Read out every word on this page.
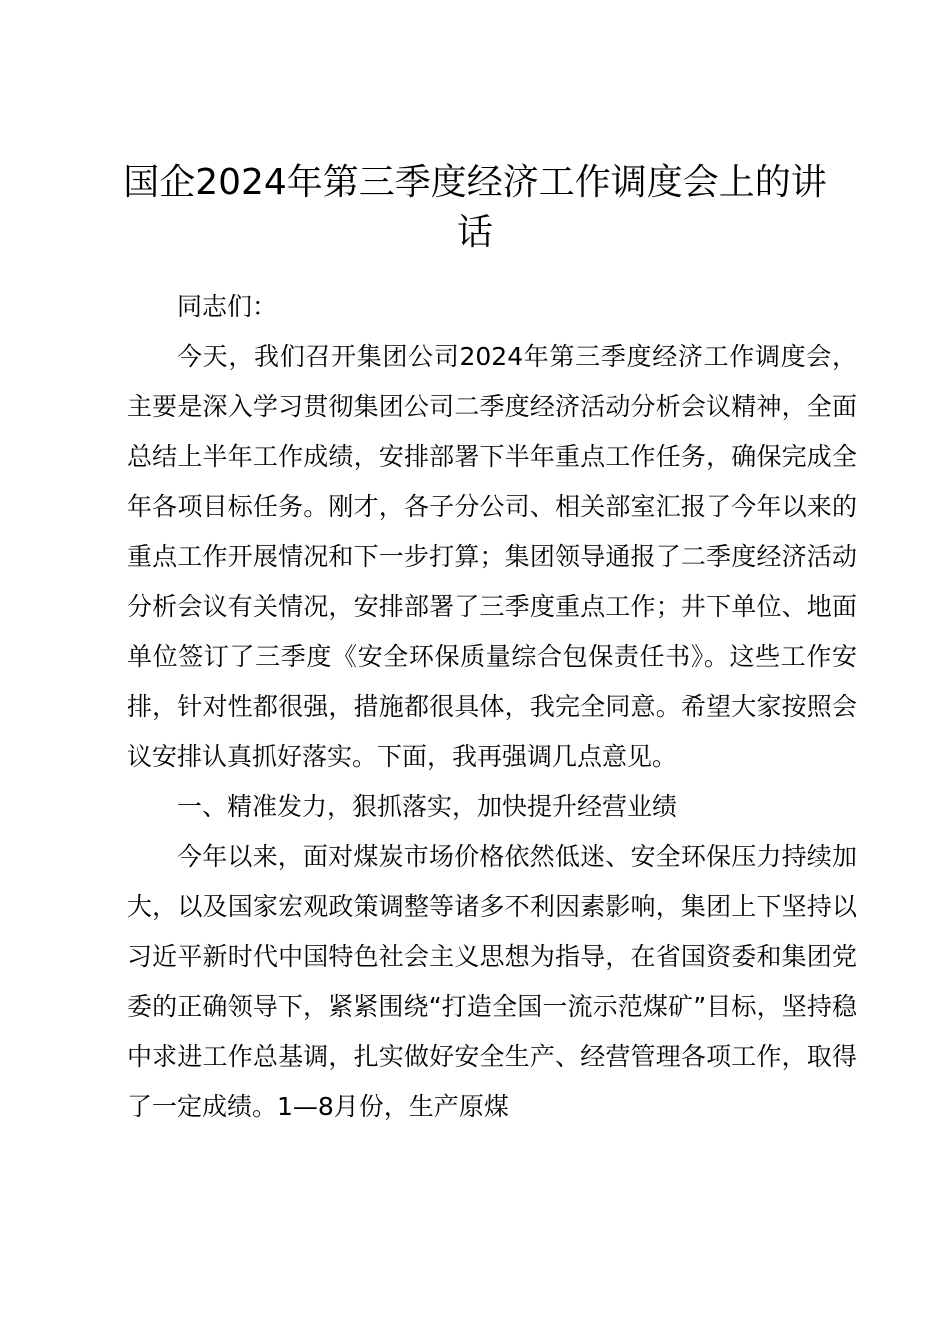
国企2024年第三季度经济工作调度会上的讲话

同志们：

今天，我们召开集团公司2024年第三季度经济工作调度会，主要是深入学习贯彻集团公司二季度经济活动分析会议精神，全面总结上半年工作成绩，安排部署下半年重点工作任务，确保完成全年各项目标任务。刚才，各子分公司、相关部室汇报了今年以来的重点工作开展情况和下一步打算；集团领导通报了二季度经济活动分析会议有关情况，安排部署了三季度重点工作；井下单位、地面单位签订了三季度《安全环保质量综合包保责任书》。这些工作安排，针对性都很强，措施都很具体，我完全同意。希望大家按照会议安排认真抓好落实。下面，我再强调几点意见。

一、精准发力，狠抓落实，加快提升经营业绩

今年以来，面对煤炭市场价格依然低迷、安全环保压力持续加大，以及国家宏观政策调整等诸多不利因素影响，集团上下坚持以习近平新时代中国特色社会主义思想为指导，在省国资委和集团党委的正确领导下，紧紧围绕“打造全国一流示范煤矿”目标，坚持稳中求进工作总基调，扎实做好安全生产、经营管理各项工作，取得了一定成绩。1—8月份，生产原煤
